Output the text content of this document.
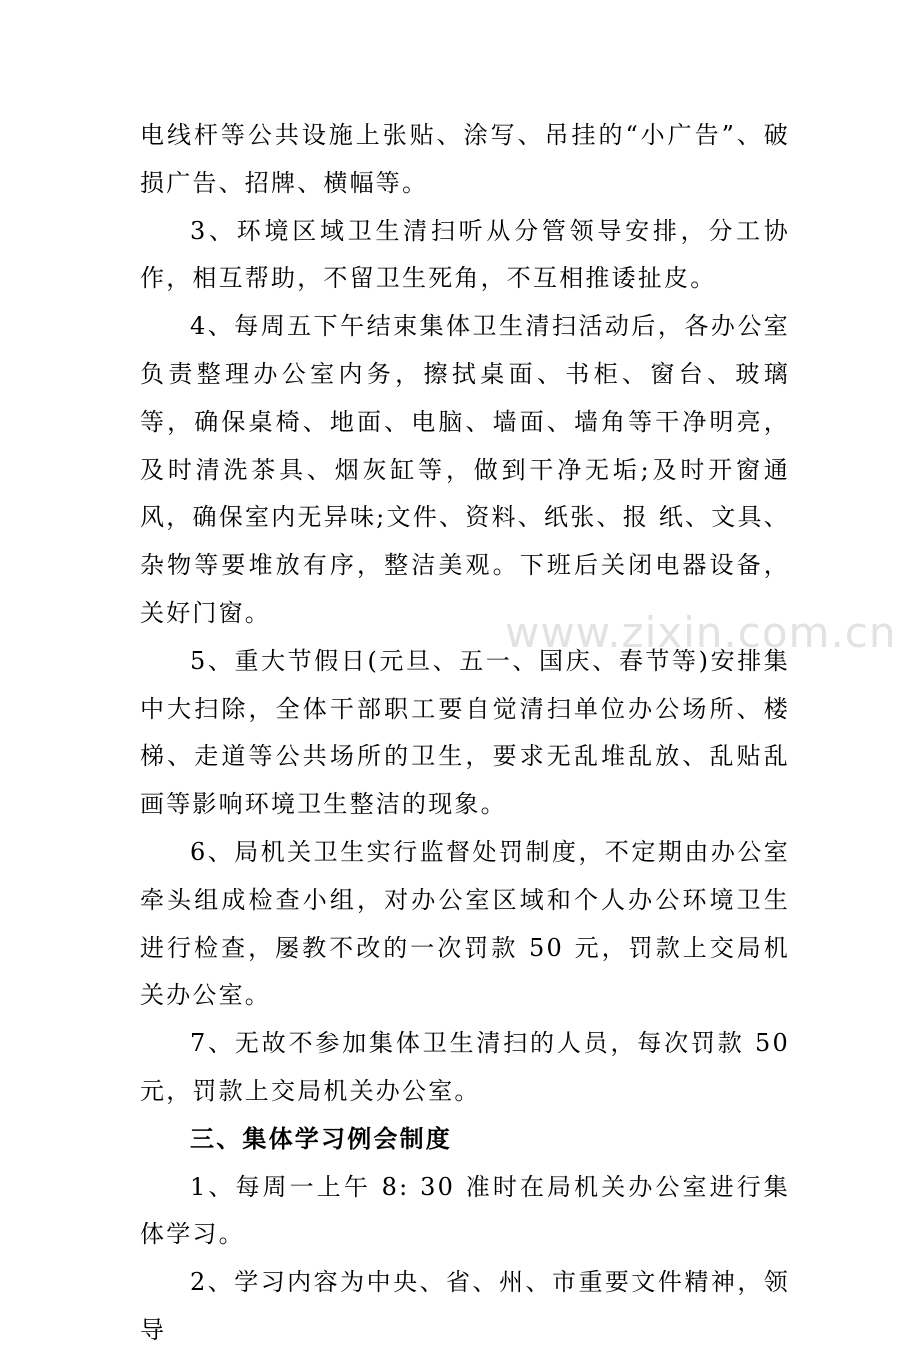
电线杆等公共设施上张贴、涂写、吊挂的“小广告”、破损广告、招牌、横幅等。

3、环境区域卫生清扫听从分管领导安排，分工协作，相互帮助，不留卫生死角，不互相推诿扯皮。

4、每周五下午结束集体卫生清扫活动后，各办公室负责整理办公室内务，擦拭桌面、书柜、窗台、玻璃等，确保桌椅、地面、电脑、墙面、墙角等干净明亮，及时清洗茶具、烟灰缸等，做到干净无垢;及时开窗通风，确保室内无异味;文件、资料、纸张、报 纸、文具、杂物等要堆放有序，整洁美观。下班后关闭电器设备，关好门窗。

5、重大节假日(元旦、五一、国庆、春节等)安排集中大扫除，全体干部职工要自觉清扫单位办公场所、楼梯、走道等公共场所的卫生，要求无乱堆乱放、乱贴乱画等影响环境卫生整洁的现象。

6、局机关卫生实行监督处罚制度，不定期由办公室牵头组成检查小组，对办公室区域和个人办公环境卫生进行检查，屡教不改的一次罚款 50 元，罚款上交局机关办公室。

7、无故不参加集体卫生清扫的人员，每次罚款 50 元，罚款上交局机关办公室。

三、集体学习例会制度

1、每周一上午 8: 30 准时在局机关办公室进行集体学习。

2、学习内容为中央、省、州、市重要文件精神，领导

www.zixin.com.cn
